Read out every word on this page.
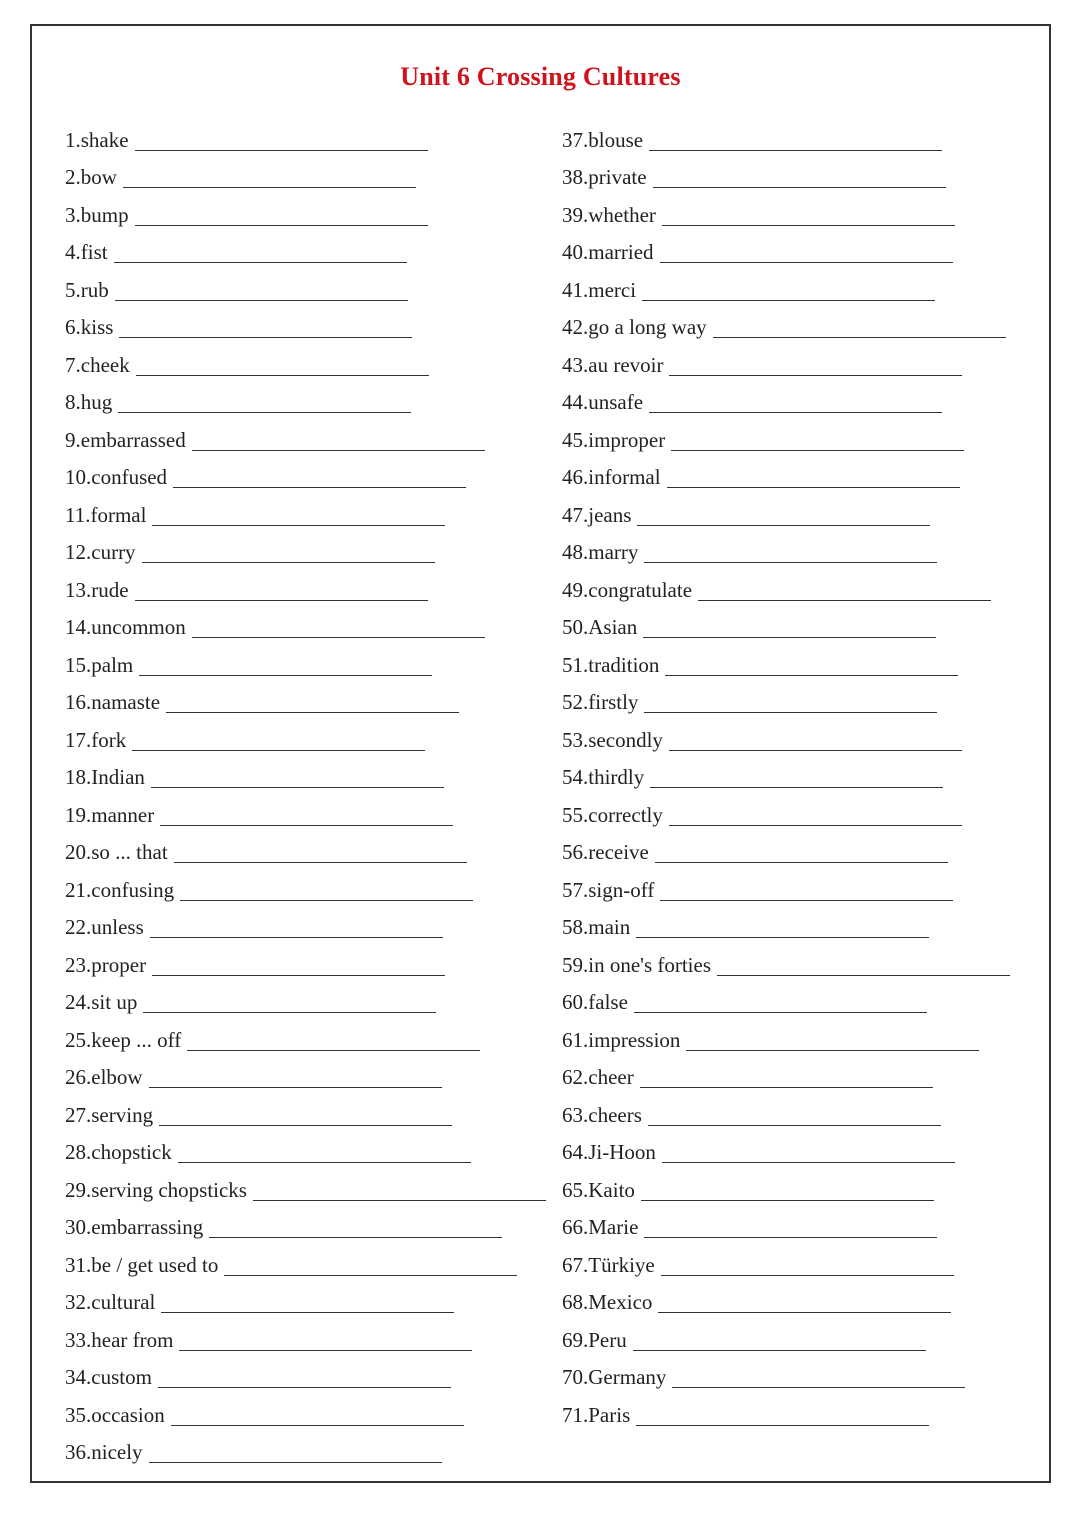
Unit 6 Crossing Cultures
1.shake
2.bow
3.bump
4.fist
5.rub
6.kiss
7.cheek
8.hug
9.embarrassed
10.confused
11.formal
12.curry
13.rude
14.uncommon
15.palm
16.namaste
17.fork
18.Indian
19.manner
20.so ... that
21.confusing
22.unless
23.proper
24.sit up
25.keep ... off
26.elbow
27.serving
28.chopstick
29.serving chopsticks
30.embarrassing
31.be / get used to
32.cultural
33.hear from
34.custom
35.occasion
36.nicely
37.blouse
38.private
39.whether
40.married
41.merci
42.go a long way
43.au revoir
44.unsafe
45.improper
46.informal
47.jeans
48.marry
49.congratulate
50.Asian
51.tradition
52.firstly
53.secondly
54.thirdly
55.correctly
56.receive
57.sign-off
58.main
59.in one's forties
60.false
61.impression
62.cheer
63.cheers
64.Ji-Hoon
65.Kaito
66.Marie
67.Türkiye
68.Mexico
69.Peru
70.Germany
71.Paris
